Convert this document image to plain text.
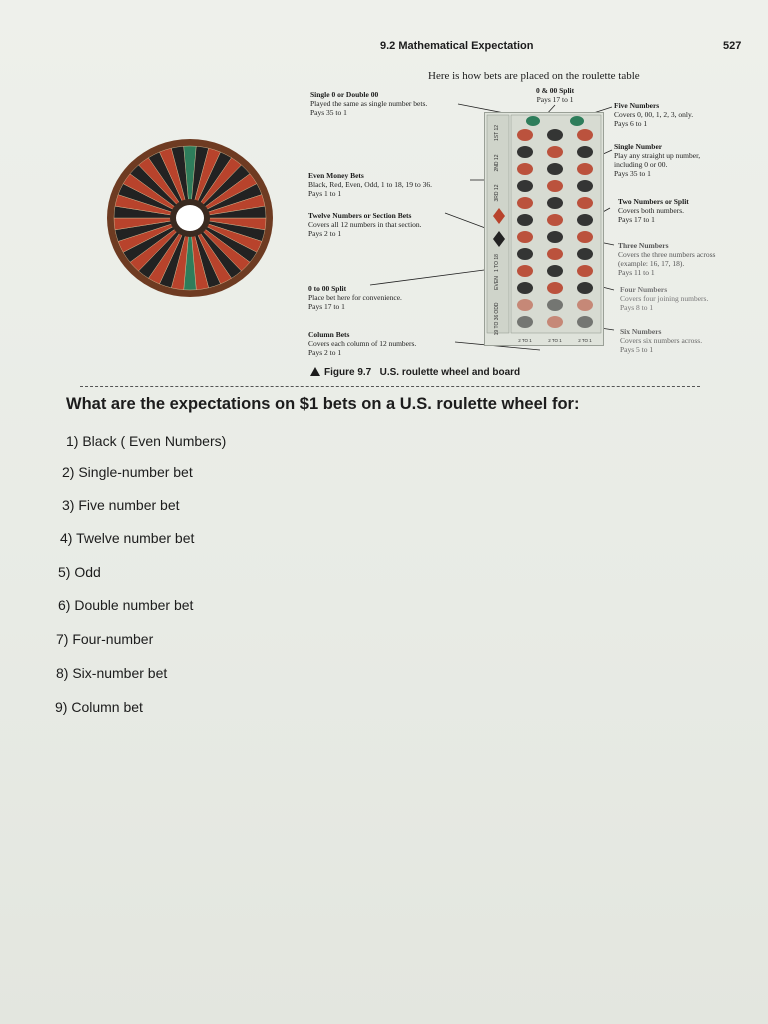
9.2 Mathematical Expectation	527
Here is how bets are placed on the roulette table
Single 0 or Double 00
Played the same as single number bets.
Pays 35 to 1
0 & 00 Split
Pays 17 to 1
Five Numbers
Covers 0, 00, 1, 2, 3, only.
Pays 6 to 1
Single Number
Play any straight up number,
including 0 or 00.
Pays 35 to 1
Even Money Bets
Black, Red, Even, Odd, 1 to 18, 19 to 36.
Pays 1 to 1
Twelve Numbers or Section Bets
Covers all 12 numbers in that section.
Pays 2 to 1
Two Numbers or Split
Covers both numbers.
Pays 17 to 1
Three Numbers
Covers the three numbers across
(example: 16, 17, 18).
Pays 11 to 1
0 to 00 Split
Place bet here for convenience.
Pays 17 to 1
Four Numbers
Covers four joining numbers.
Pays 8 to 1
Column Bets
Covers each column of 12 numbers.
Pays 2 to 1
Six Numbers
Covers six numbers across.
Pays 5 to 1
1ST 12
2ND 12
3RD 12
1 TO 18
EVEN
ODD
19 TO 36
2 TO 1	2 TO 1	2 TO 1
Figure 9.7 U.S. roulette wheel and board
What are the expectations on $1 bets on a U.S. roulette wheel for:
1) Black ( Even Numbers)
2) Single-number bet
3) Five number bet
4) Twelve number bet
5) Odd
6) Double number bet
7) Four-number
8) Six-number bet
9) Column bet
